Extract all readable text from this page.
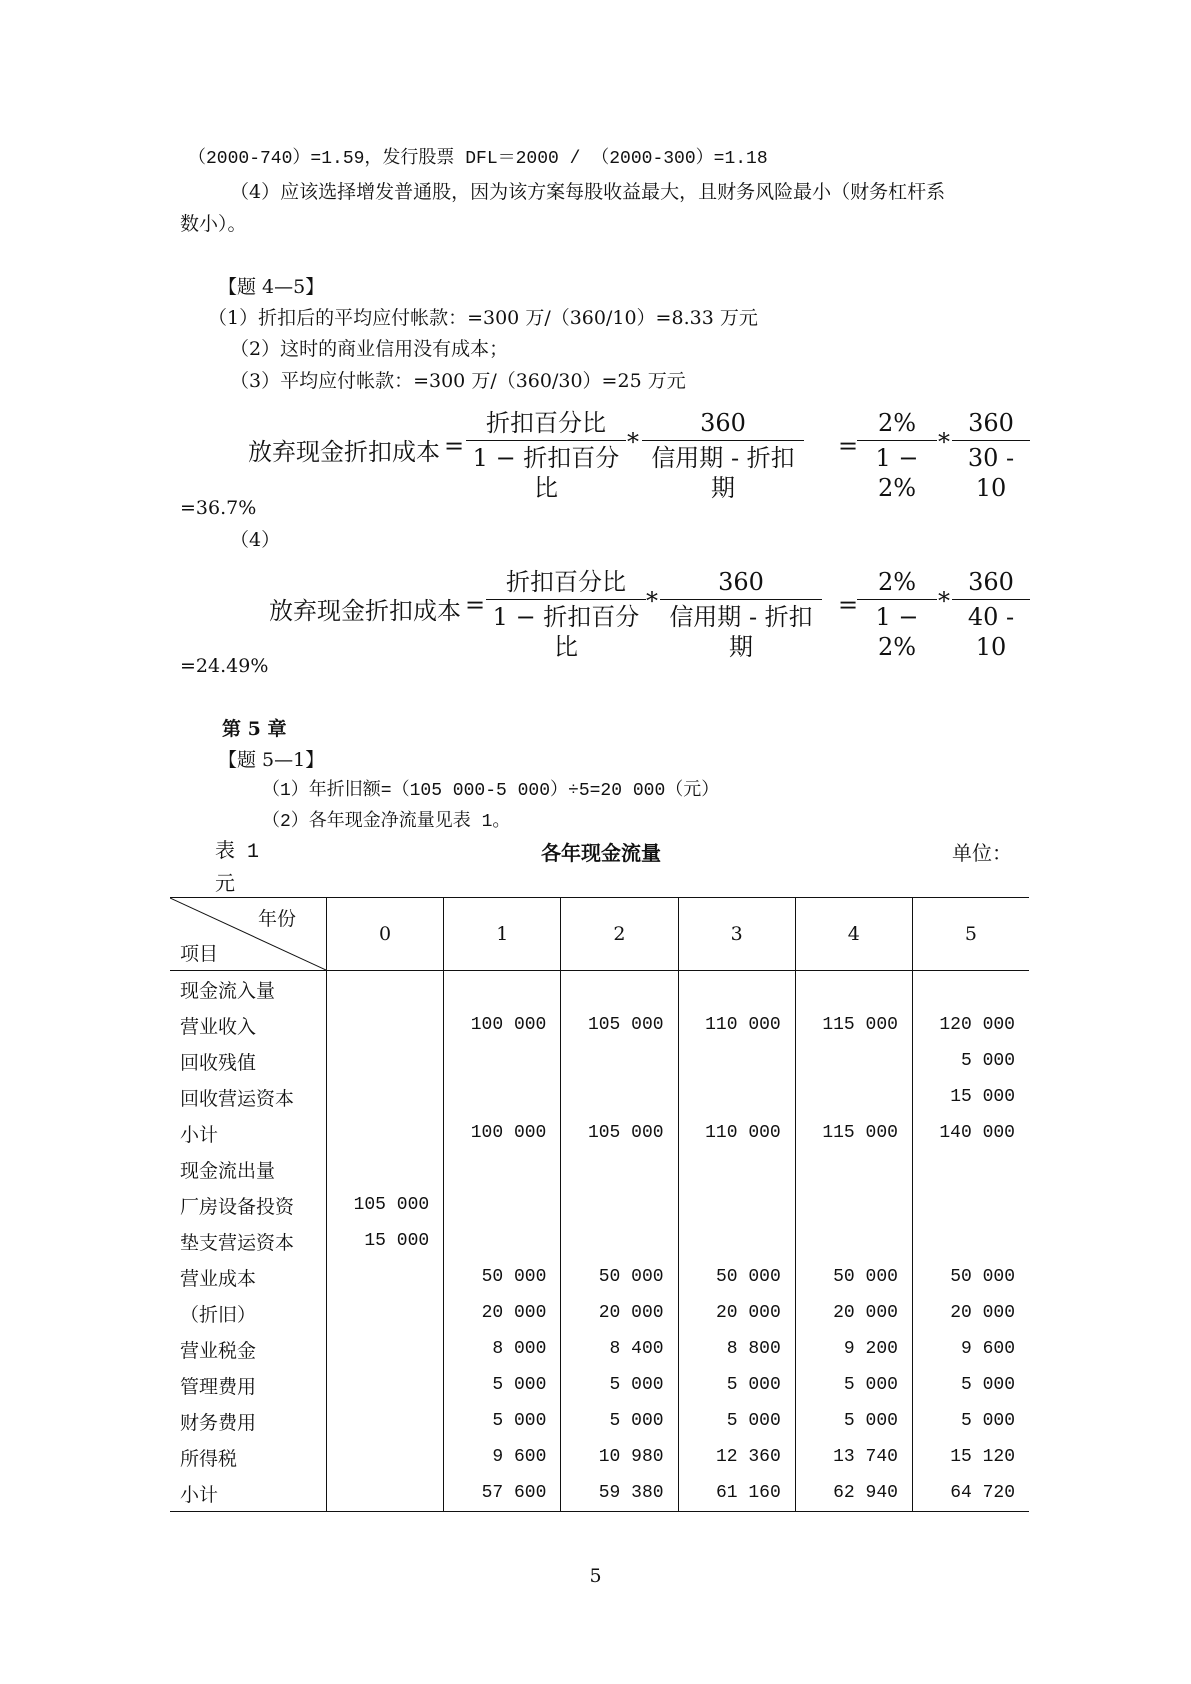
（2000-740）=1.59，发行股票 DFL＝2000 / （2000-300）=1.18
（4）应该选择增发普通股，因为该方案每股收益最大，且财务风险最小（财务杠杆系
数小）。
【题 4—5】
（1）折扣后的平均应付帐款：=300 万/（360/10）=8.33 万元
（2）这时的商业信用没有成本；
（3）平均应付帐款：=300 万/（360/30）=25 万元
放弃现金折扣成本 =
折扣百分比
1 − 折扣百分比
*
360
信用期 - 折扣期
=
2%
1 − 2%
*
360
30 - 10
=36.7%
（4）
放弃现金折扣成本 =
折扣百分比
1 − 折扣百分比
*
360
信用期 - 折扣期
=
2%
1 − 2%
*
360
40 - 10
=24.49%
第 5 章
【题 5—1】
（1）年折旧额=（105 000-5 000）÷5=20 000（元）
（2）各年现金净流量见表 1。
表 1	各年现金流量	单位：
元
年份
项目	0	1	2	3	4	5
现金流入量						
营业收入		100 000	105 000	110 000	115 000	120 000
回收残值						5 000
回收营运资本						15 000
小计		100 000	105 000	110 000	115 000	140 000
现金流出量						
厂房设备投资	105 000					
垫支营运资本	15 000					
营业成本		50 000	50 000	50 000	50 000	50 000
（折旧）		20 000	20 000	20 000	20 000	20 000
营业税金		8 000	8 400	8 800	9 200	9 600
管理费用		5 000	5 000	5 000	5 000	5 000
财务费用		5 000	5 000	5 000	5 000	5 000
所得税		9 600	10 980	12 360	13 740	15 120
小计		57 600	59 380	61 160	62 940	64 720
5
